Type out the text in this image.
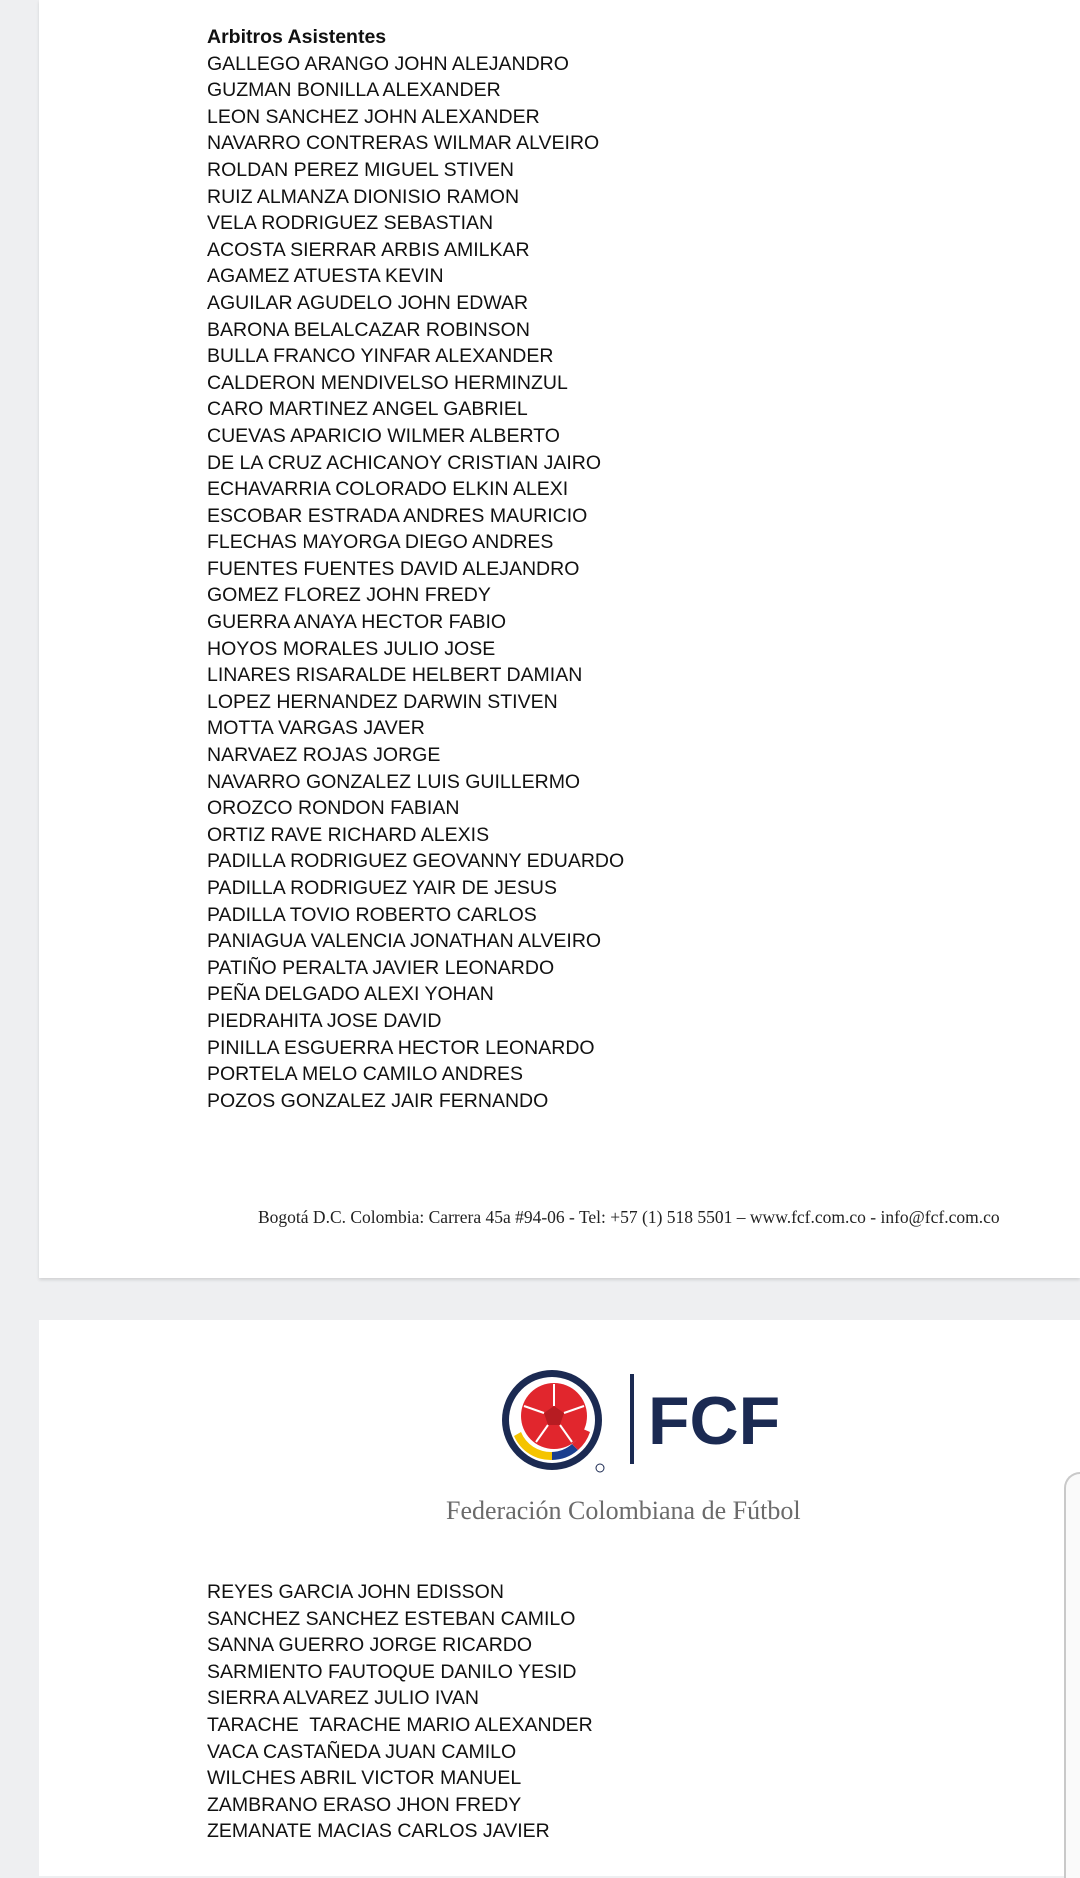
Arbitros Asistentes
GALLEGO ARANGO JOHN ALEJANDRO
GUZMAN BONILLA ALEXANDER
LEON SANCHEZ JOHN ALEXANDER
NAVARRO CONTRERAS WILMAR ALVEIRO
ROLDAN PEREZ MIGUEL STIVEN
RUIZ ALMANZA DIONISIO RAMON
VELA RODRIGUEZ SEBASTIAN
ACOSTA SIERRAR ARBIS AMILKAR
AGAMEZ ATUESTA KEVIN
AGUILAR AGUDELO JOHN EDWAR
BARONA BELALCAZAR ROBINSON
BULLA FRANCO YINFAR ALEXANDER
CALDERON MENDIVELSO HERMINZUL
CARO MARTINEZ ANGEL GABRIEL
CUEVAS APARICIO WILMER ALBERTO
DE LA CRUZ ACHICANOY CRISTIAN JAIRO
ECHAVARRIA COLORADO ELKIN ALEXI
ESCOBAR ESTRADA ANDRES MAURICIO
FLECHAS MAYORGA DIEGO ANDRES
FUENTES FUENTES DAVID ALEJANDRO
GOMEZ FLOREZ JOHN FREDY
GUERRA ANAYA HECTOR FABIO
HOYOS MORALES JULIO JOSE
LINARES RISARALDE HELBERT DAMIAN
LOPEZ HERNANDEZ DARWIN STIVEN
MOTTA VARGAS JAVER
NARVAEZ ROJAS JORGE
NAVARRO GONZALEZ LUIS GUILLERMO
OROZCO RONDON FABIAN
ORTIZ RAVE RICHARD ALEXIS
PADILLA RODRIGUEZ GEOVANNY EDUARDO
PADILLA RODRIGUEZ YAIR DE JESUS
PADILLA TOVIO ROBERTO CARLOS
PANIAGUA VALENCIA JONATHAN ALVEIRO
PATIÑO PERALTA JAVIER LEONARDO
PEÑA DELGADO ALEXI YOHAN
PIEDRAHITA JOSE DAVID
PINILLA ESGUERRA HECTOR LEONARDO
PORTELA MELO CAMILO ANDRES
POZOS GONZALEZ JAIR FERNANDO
Bogotá D.C. Colombia: Carrera 45a #94-06 - Tel: +57 (1) 518 5501 – www.fcf.com.co - info@fcf.com.co
FCF
Federación Colombiana de Fútbol
REYES GARCIA JOHN EDISSON
SANCHEZ SANCHEZ ESTEBAN CAMILO
SANNA GUERRO JORGE RICARDO
SARMIENTO FAUTOQUE DANILO YESID
SIERRA ALVAREZ JULIO IVAN
TARACHE  TARACHE MARIO ALEXANDER
VACA CASTAÑEDA JUAN CAMILO
WILCHES ABRIL VICTOR MANUEL
ZAMBRANO ERASO JHON FREDY
ZEMANATE MACIAS CARLOS JAVIER
